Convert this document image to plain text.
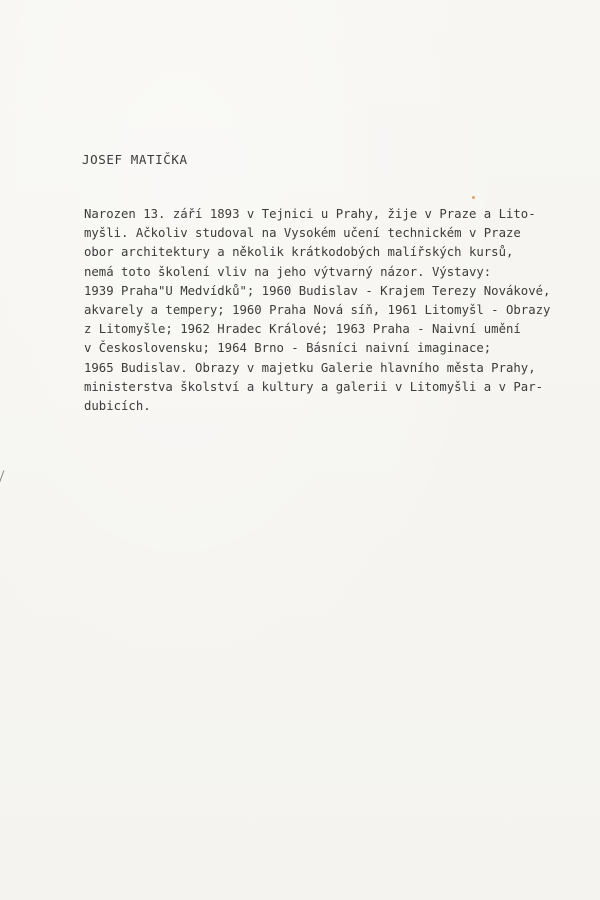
JOSEF MATIČKA
Narozen 13. září 1893 v Tejnici u Prahy, žije v Praze a Lito-
myšli. Ačkoliv studoval na Vysokém učení technickém v Praze
obor architektury a několik krátkodobých malířských kursů,
nemá toto školení vliv na jeho výtvarný názor. Výstavy:
1939 Praha"U Medvídků"; 1960 Budislav - Krajem Terezy Novákové,
akvarely a tempery; 1960 Praha Nová síň, 1961 Litomyšl - Obrazy
z Litomyšle; 1962 Hradec Králové; 1963 Praha - Naivní umění
v Československu; 1964 Brno - Básníci naivní imaginace;
1965 Budislav. Obrazy v majetku Galerie hlavního města Prahy,
ministerstva školství a kultury a galerii v Litomyšli a v Par-
dubicích.
